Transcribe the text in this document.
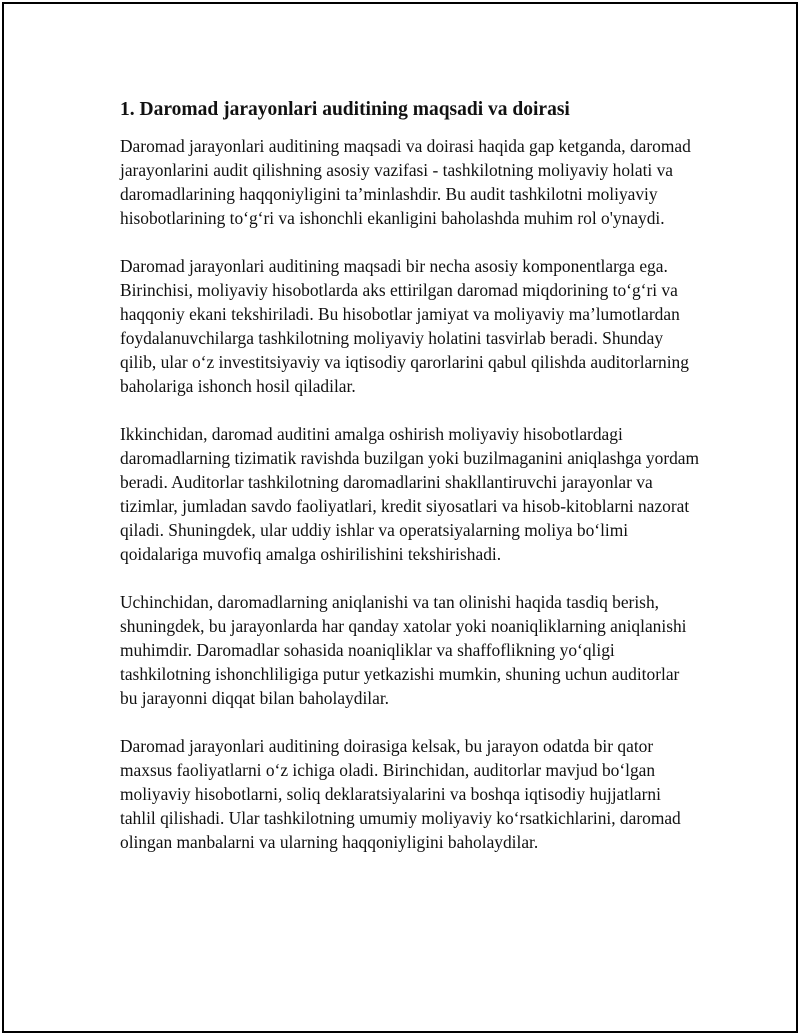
1. Daromad jarayonlari auditining maqsadi va doirasi

Daromad jarayonlari auditining maqsadi va doirasi haqida gap ketganda, daromad jarayonlarini audit qilishning asosiy vazifasi - tashkilotning moliyaviy holati va daromadlarining haqqoniyligini ta’minlashdir. Bu audit tashkilotni moliyaviy hisobotlarining to‘g‘ri va ishonchli ekanligini baholashda muhim rol o'ynaydi.

Daromad jarayonlari auditining maqsadi bir necha asosiy komponentlarga ega. Birinchisi, moliyaviy hisobotlarda aks ettirilgan daromad miqdorining to‘g‘ri va haqqoniy ekani tekshiriladi. Bu hisobotlar jamiyat va moliyaviy ma’lumotlardan foydalanuvchilarga tashkilotning moliyaviy holatini tasvirlab beradi. Shunday qilib, ular o‘z investitsiyaviy va iqtisodiy qarorlarini qabul qilishda auditorlarning baholariga ishonch hosil qiladilar.

Ikkinchidan, daromad auditini amalga oshirish moliyaviy hisobotlardagi daromadlarning tizimatik ravishda buzilgan yoki buzilmaganini aniqlashga yordam beradi. Auditorlar tashkilotning daromadlarini shakllantiruvchi jarayonlar va tizimlar, jumladan savdo faoliyatlari, kredit siyosatlari va hisob-kitoblarni nazorat qiladi. Shuningdek, ular uddiy ishlar va operatsiyalarning moliya bo‘limi qoidalariga muvofiq amalga oshirilishini tekshirishadi.

Uchinchidan, daromadlarning aniqlanishi va tan olinishi haqida tasdiq berish, shuningdek, bu jarayonlarda har qanday xatolar yoki noaniqliklarning aniqlanishi muhimdir. Daromadlar sohasida noaniqliklar va shaffoflikning yo‘qligi tashkilotning ishonchliligiga putur yetkazishi mumkin, shuning uchun auditorlar bu jarayonni diqqat bilan baholaydilar.

Daromad jarayonlari auditining doirasiga kelsak, bu jarayon odatda bir qator maxsus faoliyatlarni o‘z ichiga oladi. Birinchidan, auditorlar mavjud bo‘lgan moliyaviy hisobotlarni, soliq deklaratsiyalarini va boshqa iqtisodiy hujjatlarni tahlil qilishadi. Ular tashkilotning umumiy moliyaviy ko‘rsatkichlarini, daromad olingan manbalarni va ularning haqqoniyligini baholaydilar.
